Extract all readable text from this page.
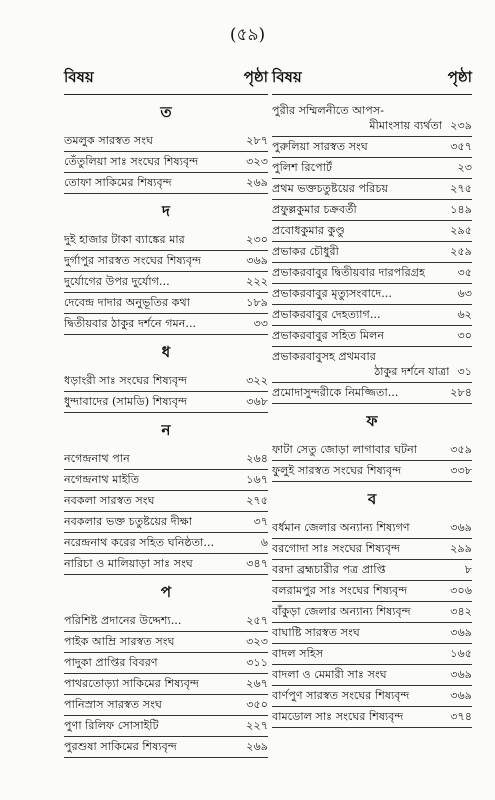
(৫৯)
বিষয়	পৃষ্ঠা
ত
তমলুক সারস্বত সংঘ	২৮৭
তেঁতুলিয়া সাঃ সংঘের শিষ্যবৃন্দ	৩২৩
তোফা সাকিমের শিষ্যবৃন্দ	২৬৯
দ
দুই হাজার টাকা ব্যাঙ্কের মার	২৩০
দুর্গাপুর সারস্বত সংঘের শিষ্যবৃন্দ	৩৬৯
দুর্যোগের উপর দুর্যোগ...	২২২
দেবেন্দ্র দাদার অনুভূতির কথা	১৮৯
দ্বিতীয়বার ঠাকুর দর্শনে গমন...	৩৩
ধ
ধড়াংরী সাঃ সংঘের শিষ্যবৃন্দ	৩২২
ধুন্দাবাদের (সামডি) শিষ্যবৃন্দ	৩৬৮
ন
নগেন্দ্রনাথ পান	২৬৪
নগেন্দ্রনাথ মাইতি	১৬৭
নবকলা সারস্বত সংঘ	২৭৫
নবকলার ভক্ত চতুষ্টয়ের দীক্ষা	৩৭
নরেন্দ্রনাথ করের সহিত ঘনিষ্ঠতা...	৬
নারিচা ও মালিয়াড়া সাঃ সংঘ	৩৪৭
প
পরিশিষ্ট প্রদানের উদ্দেশ্য...	২৫৭
পাইক আম্রি সারস্বত সংঘ	৩২৩
পাদুকা প্রাপ্তির বিবরণ	৩১১
পাথরতোড়্যা সাকিমের শিষ্যবৃন্দ	২৬৭
পানিস্রাস সারস্বত সংঘ	৩৫০
পুণা রিলিফ সোসাইটি	২২৭
পুরশুষা সাকিমের শিষ্যবৃন্দ	২৬৯
বিষয়	পৃষ্ঠা
পুরীর সম্মিলনীতে আপস-
মীমাংসায় ব্যর্থতা ২৩৯
পুরুলিয়া সারস্বত সংঘ	৩৫৭
পুলিশ রিপোর্ট	২৩
প্রথম ভক্তচতুষ্টয়ের পরিচয়	২৭৫
প্রফুল্লকুমার চক্রবর্তী	১৪৯
প্রবোধকুমার কুণ্ডু	২৯৫
প্রভাকর চৌধুরী	২৫৯
প্রভাকরবাবুর দ্বিতীয়বার দারপরিগ্রহ	৩৫
প্রভাকরবাবুর মৃত্যুসংবাদে...	৬৩
প্রভাকরবাবুর দেহত্যাগ...	৬২
প্রভাকরবাবুর সহিত মিলন	৩০
প্রভাকরবাবুসহ প্রথমবার
ঠাকুর দর্শনে যাত্রা ৩১
প্রমোদাসুন্দরীকে নিমজ্জিতা...	২৮৪
ফ
ফাটা সেতু জোড়া লাগাবার ঘটনা	৩৫৯
ফুলুই সারস্বত সংঘের শিষ্যবৃন্দ	৩৩৮
ব
বর্ধমান জেলার অন্যান্য শিষ্যগণ	৩৬৯
বরগোদা সাঃ সংঘের শিষ্যবৃন্দ	২৯৯
বরদা ব্রহ্মচারীর পত্র প্রাপ্তি	৮
বলরামপুর সাঃ সংঘের শিষ্যবৃন্দ	৩০৬
বাঁকুড়া জেলার অন্যান্য শিষ্যবৃন্দ	৩৪২
বাঘাষ্টি সারস্বত সংঘ	৩৬৯
বাদল সহিস	১৬৫
বাদলা ও মেমারী সাঃ সংঘ	৩৬৯
বার্ণপুণ সারস্বত সংঘের শিষ্যবৃন্দ	৩৬৯
বামডোল সাঃ সংঘের শিষ্যবৃন্দ	৩৭৪
